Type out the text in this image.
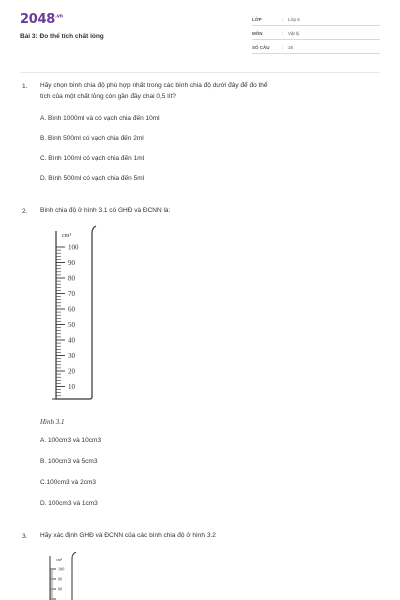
$2048^{.vn}$
Bài 3: Đo thể tích chất lỏng
LỚP	:	Lớp 6
MÔN	:	Vật lý
SỐ CÂU	:	16
1. Hãy chọn bình chia độ phù hợp nhất trong các bình chia độ dưới đây để đo thể
tích của một chất lỏng còn gần đầy chai 0,5 lít?
A. Bình 1000ml và có vạch chia đến 10ml
B. Bình 500ml có vạch chia đến 2ml
C. Bình 100ml có vạch chia đến 1ml
D. Bình 500ml có vạch chia đến 5ml
2. Bình chia độ ở hình 3.1 có GHĐ và ĐCNN là:
cm³
100
90
80
70
60
50
40
30
20
10
Hình 3.1
A. 100cm3 và 10cm3
B. 100cm3 và 5cm3
C.100cm3 và 2cm3
D. 100cm3 và 1cm3
3. Hãy xác định GHĐ và ĐCNN của các bình chia độ ở hình 3.2
cm³
100
90
80
